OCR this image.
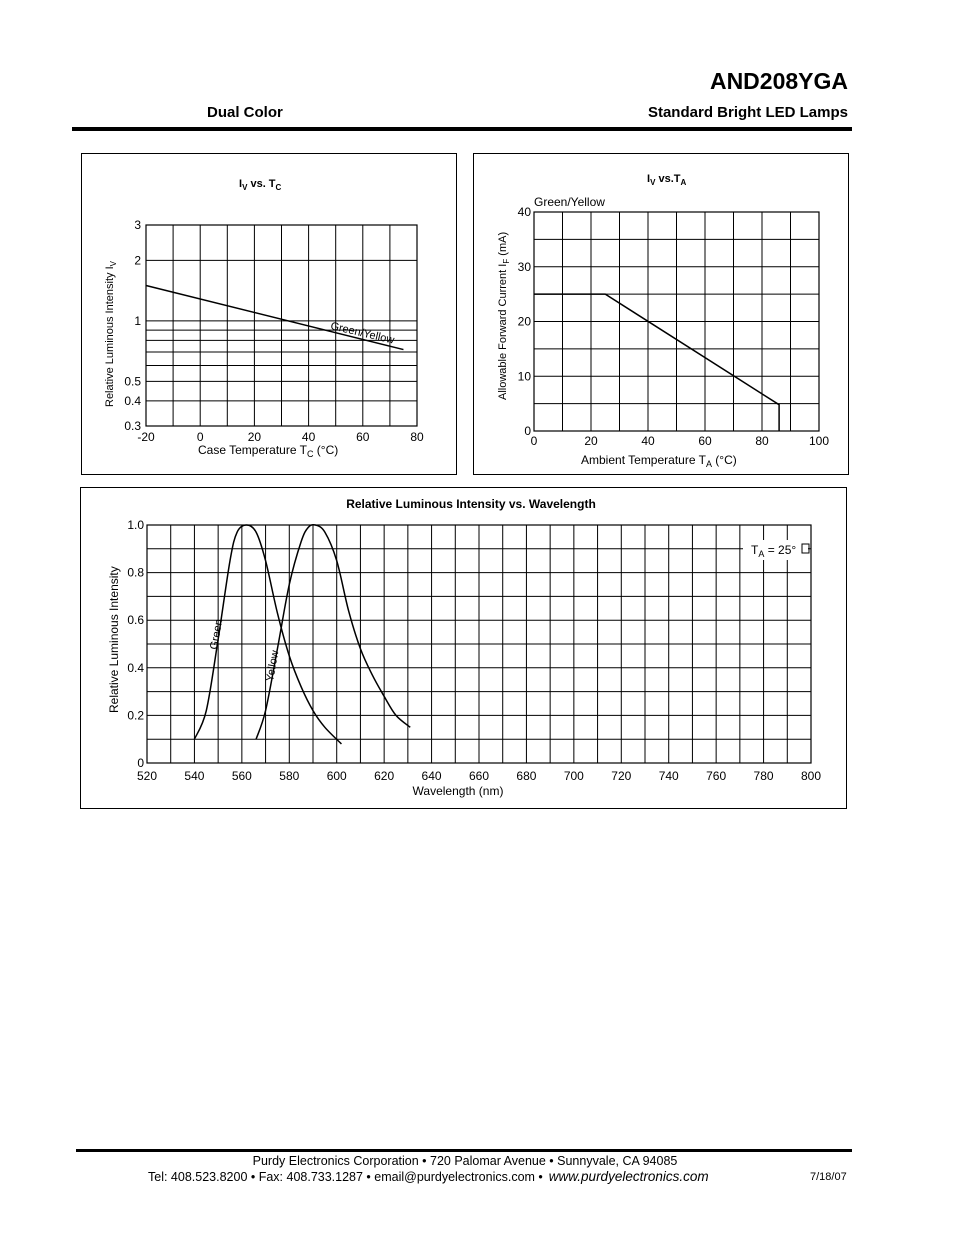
AND208YGA
Dual Color	Standard Bright LED Lamps
$I_V$ vs. $T_C$
-20	0	20	40	60	80
0.3
0.4
0.5
1
2
3
Case Temperature $T_C$ (°C)
Relative Luminous Intensity $I_V$
Green/Yellow
$I_V$ $vs.T_A$
Green/Yellow
0	20	40	60	80	100
0
10
20
30
40
Ambient Temperature $T_A$ (°C)
Allowable Forward Current $I_F$ (mA)
Relative Luminous Intensity vs. Wavelength
520 540 560 580 600 620 640 660 680 700 720 740 760 780 800
0
0.2
0.4
0.6
0.8
1.0
Wavelength (nm)
Relative Luminous Intensity	Green
Yellow
$T_A = 25^\circ$
Purdy Electronics Corporation • 720 Palomar Avenue • Sunnyvale, CA 94085
Tel: 408.523.8200 • Fax: 408.733.1287 • email@purdyelectronics.com • www.purdyelectronics.com	7/18/07
